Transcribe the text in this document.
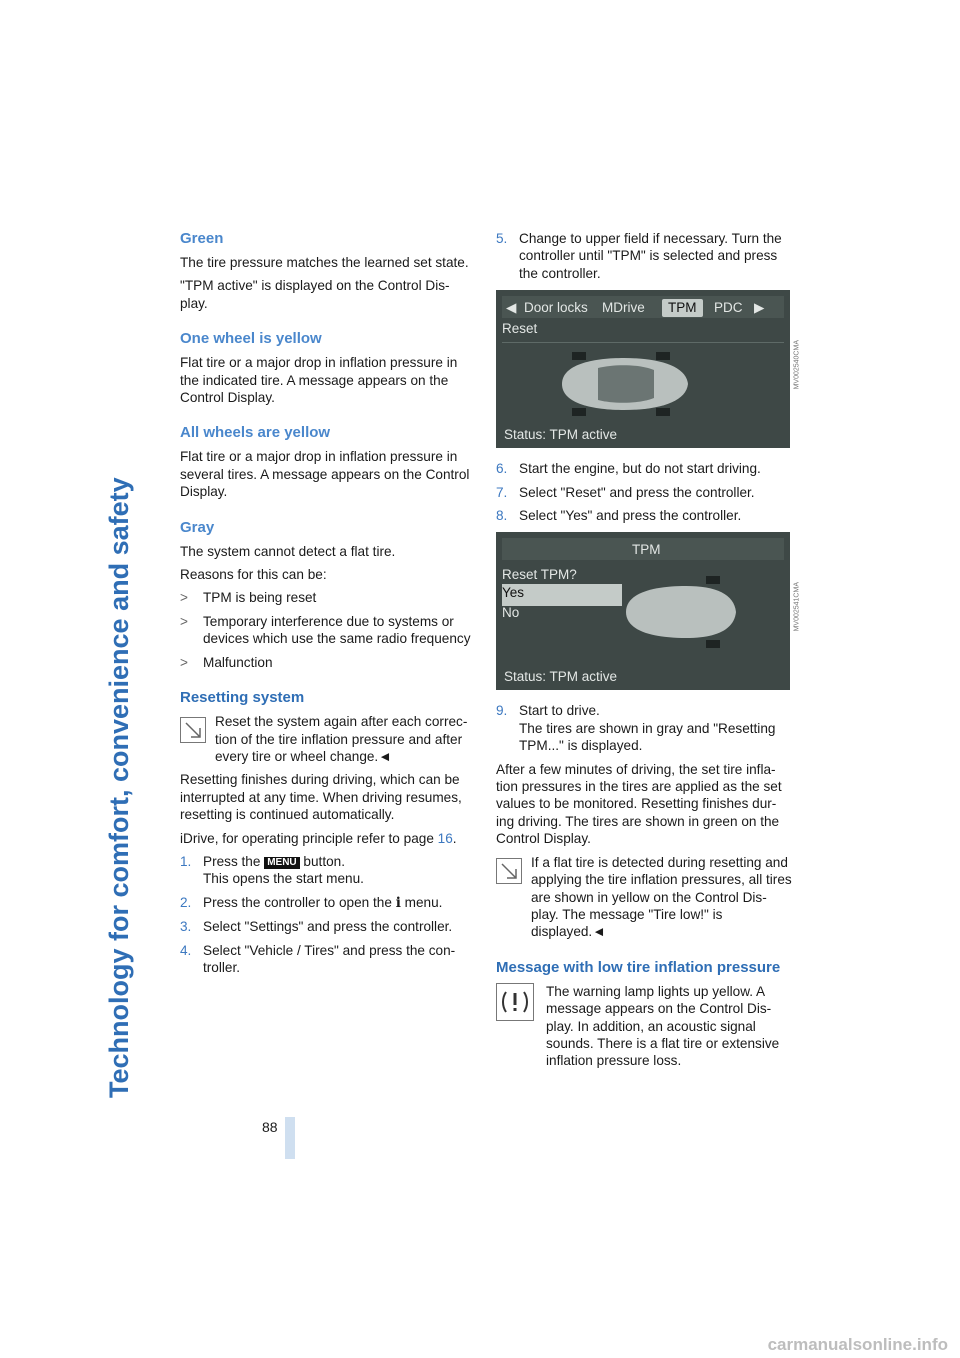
Technology for comfort, convenience and safety
88
Green

The tire pressure matches the learned set state.

"TPM active" is displayed on the Control Dis-play.

One wheel is yellow

Flat tire or a major drop in inflation pressure in the indicated tire. A message appears on the Control Display.

All wheels are yellow

Flat tire or a major drop in inflation pressure in several tires. A message appears on the Control Display.

Gray

The system cannot detect a flat tire.

Reasons for this can be:

>	TPM is being reset
>	Temporary interference due to systems or devices which use the same radio frequency
>	Malfunction
Resetting system

Reset the system again after each correc-tion of the tire inflation pressure and after every tire or wheel change.◄

Resetting finishes during driving, which can be interrupted at any time. When driving resumes, resetting is continued automatically.

iDrive, for operating principle refer to page 16.

1. Press the MENU button.
This opens the start menu.
2. Press the controller to open the i menu.
3. Select "Settings" and press the controller.
4. Select "Vehicle / Tires" and press the con-troller.
5. Change to upper field if necessary. Turn the controller until "TPM" is selected and press the controller.
◀ Door locks MDrive	TPM	PDC ▶
Reset
Status: TPM active
MV002540CMA
6. Start the engine, but do not start driving.
7. Select "Reset" and press the controller.
8. Select "Yes" and press the controller.
TPM
Reset TPM?
Yes
No
Status: TPM active
MV002541CMA
9. Start to drive.
The tires are shown in gray and "Resetting TPM..." is displayed.

After a few minutes of driving, the set tire infla-tion pressures in the tires are applied as the set values to be monitored. Resetting finishes dur-ing driving. The tires are shown in green on the Control Display.

If a flat tire is detected during resetting and applying the tire inflation pressures, all tires are shown in yellow on the Control Dis-play. The message "Tire low!" is displayed.◄

Message with low tire inflation pressure

The warning lamp lights up yellow. A message appears on the Control Dis-play. In addition, an acoustic signal sounds. There is a flat tire or extensive inflation pressure loss.

carmanualsonline.info
